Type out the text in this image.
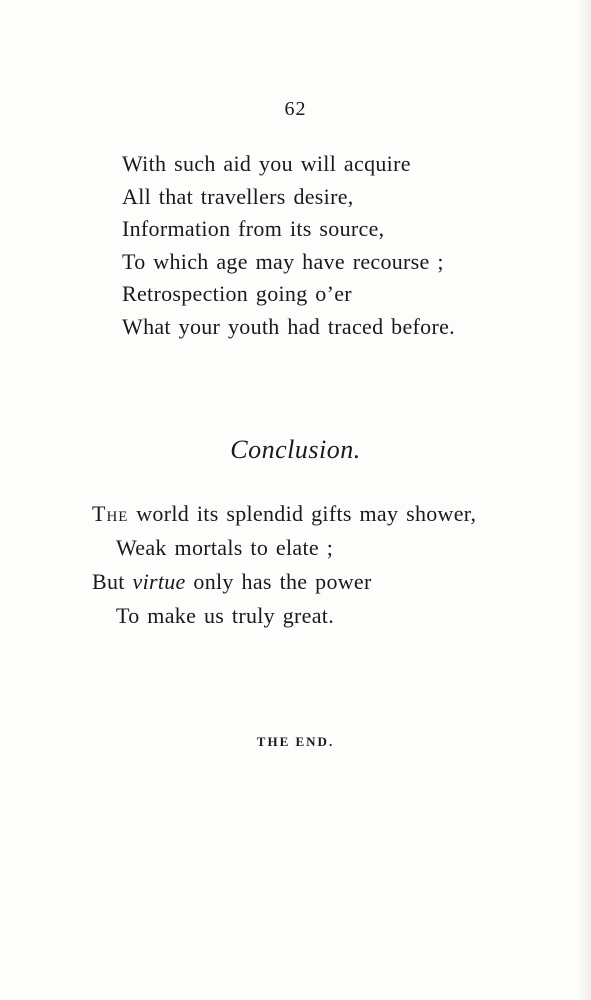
62
With such aid you will acquire
All that travellers desire,
Information from its source,
To which age may have recourse ;
Retrospection going o’er
What your youth had traced before.
Conclusion.
The world its splendid gifts may shower,
Weak mortals to elate ;
But virtue only has the power
To make us truly great.
THE END.
